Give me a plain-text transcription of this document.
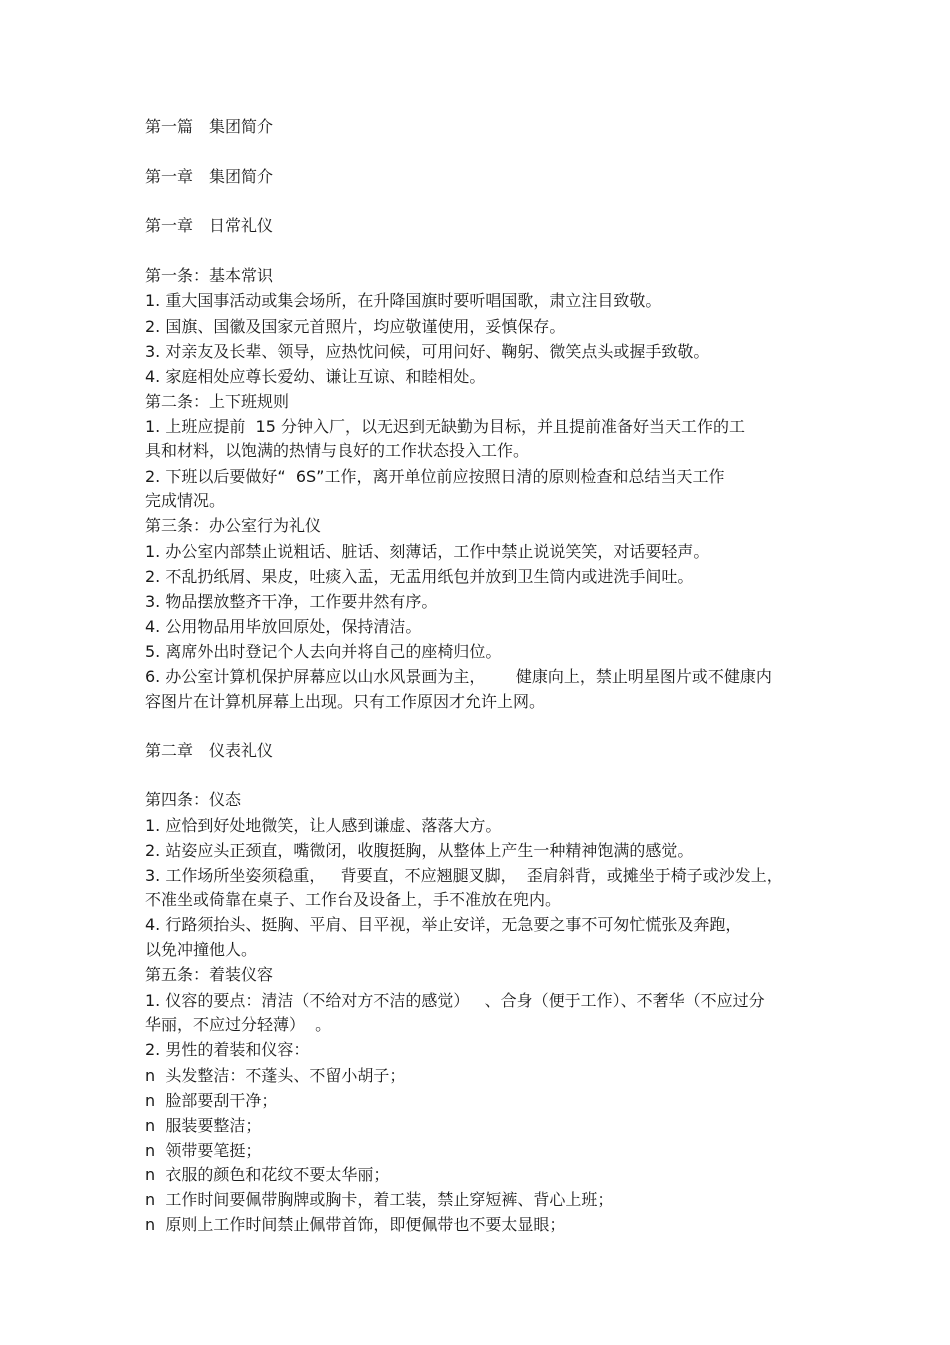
第一篇　集团简介
第一章　集团简介
第一章　日常礼仪
第一条：基本常识
1. 重大国事活动或集会场所，在升降国旗时要听唱国歌，肃立注目致敬。
2. 国旗、国徽及国家元首照片，均应敬谨使用，妥慎保存。
3. 对亲友及长辈、领导，应热忱问候，可用问好、鞠躬、微笑点头或握手致敬。
4. 家庭相处应尊长爱幼、谦让互谅、和睦相处。
第二条：上下班规则
1. 上班应提前  15 分钟入厂，以无迟到无缺勤为目标，并且提前准备好当天工作的工
具和材料，以饱满的热情与良好的工作状态投入工作。
2. 下班以后要做好“  6S”工作，离开单位前应按照日清的原则检查和总结当天工作
完成情况。
第三条：办公室行为礼仪
1. 办公室内部禁止说粗话、脏话、刻薄话，工作中禁止说说笑笑，对话要轻声。
2. 不乱扔纸屑、果皮，吐痰入盂，无盂用纸包并放到卫生筒内或进洗手间吐。
3. 物品摆放整齐干净，工作要井然有序。
4. 公用物品用毕放回原处，保持清洁。
5. 离席外出时登记个人去向并将自己的座椅归位。
6. 办公室计算机保护屏幕应以山水风景画为主，      健康向上，禁止明星图片或不健康内
容图片在计算机屏幕上出现。只有工作原因才允许上网。
第二章　仪表礼仪
第四条：仪态
1. 应恰到好处地微笑，让人感到谦虚、落落大方。
2. 站姿应头正颈直，嘴微闭，收腹挺胸，从整体上产生一种精神饱满的感觉。
3. 工作场所坐姿须稳重，   背要直，不应翘腿叉脚，  歪肩斜背，或摊坐于椅子或沙发上，
不准坐或倚靠在桌子、工作台及设备上，手不准放在兜内。
4. 行路须抬头、挺胸、平肩、目平视，举止安详，无急要之事不可匆忙慌张及奔跑，
以免冲撞他人。
第五条：着装仪容
1. 仪容的要点：清洁（不给对方不洁的感觉）   、合身（便于工作）、不奢华（不应过分
华丽，不应过分轻薄）  。
2. 男性的着装和仪容：
n  头发整洁：不蓬头、不留小胡子；
n  脸部要刮干净；
n  服装要整洁；
n  领带要笔挺；
n  衣服的颜色和花纹不要太华丽；
n  工作时间要佩带胸牌或胸卡，着工装，禁止穿短裤、背心上班；
n  原则上工作时间禁止佩带首饰，即便佩带也不要太显眼；
